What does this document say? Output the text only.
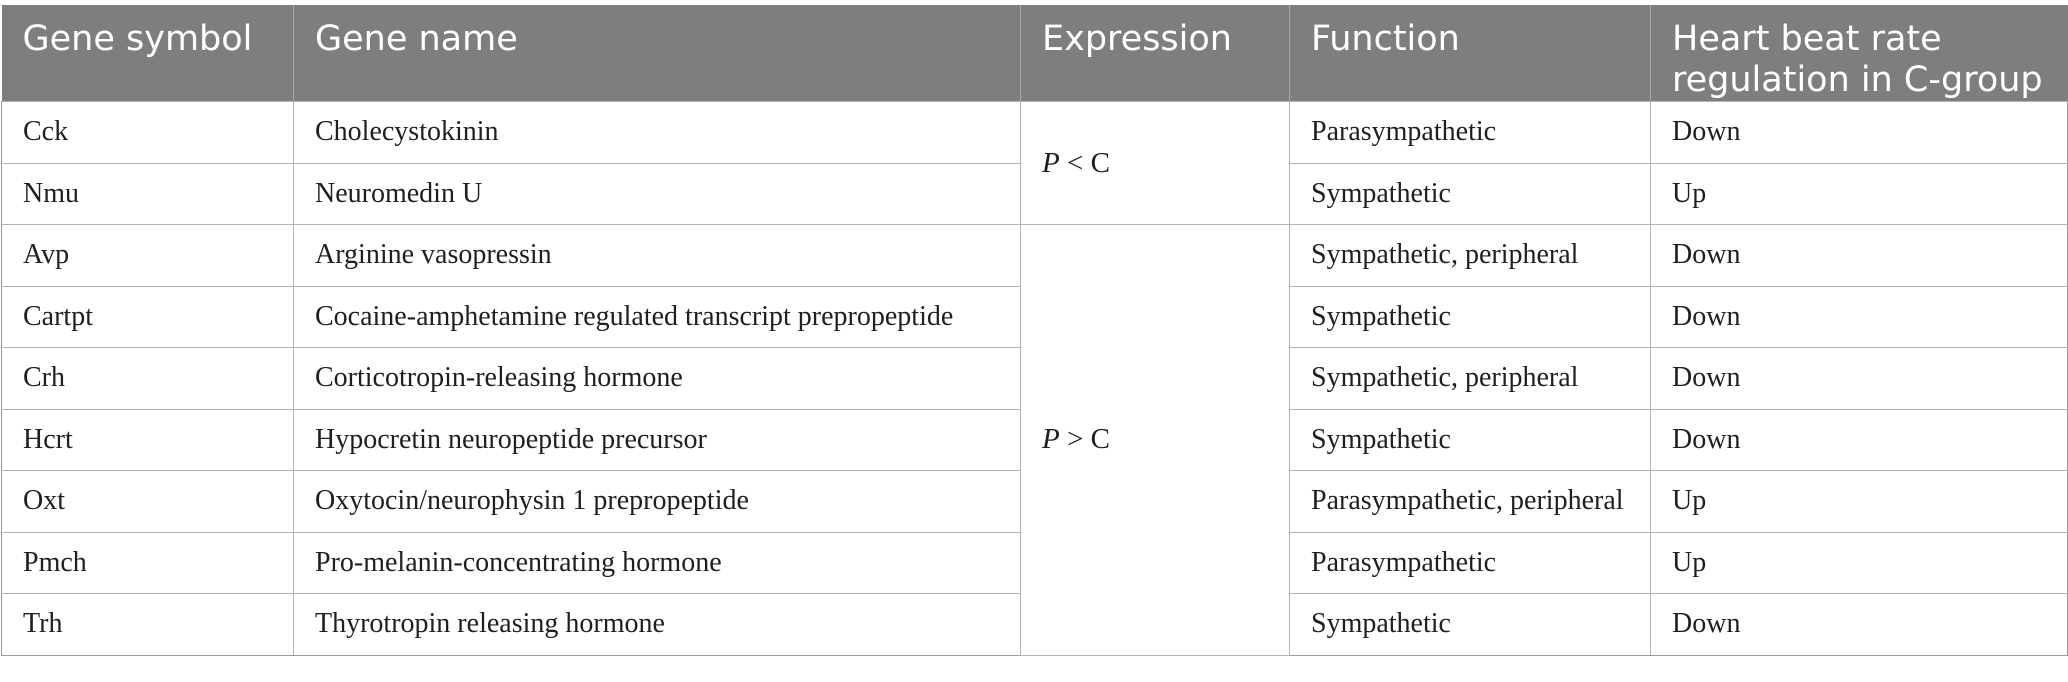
Gene symbol	Gene name	Expression	Function	Heart beat rate regulation in C-group
Cck	Cholecystokinin	P < C	Parasympathetic	Down
Nmu	Neuromedin U		Sympathetic	Up
Avp	Arginine vasopressin	P > C	Sympathetic, peripheral	Down
Cartpt	Cocaine-amphetamine regulated transcript prepropeptide		Sympathetic	Down
Crh	Corticotropin-releasing hormone		Sympathetic, peripheral	Down
Hcrt	Hypocretin neuropeptide precursor		Sympathetic	Down
Oxt	Oxytocin/neurophysin 1 prepropeptide		Parasympathetic, peripheral	Up
Pmch	Pro-melanin-concentrating hormone		Parasympathetic	Up
Trh	Thyrotropin releasing hormone		Sympathetic	Down
